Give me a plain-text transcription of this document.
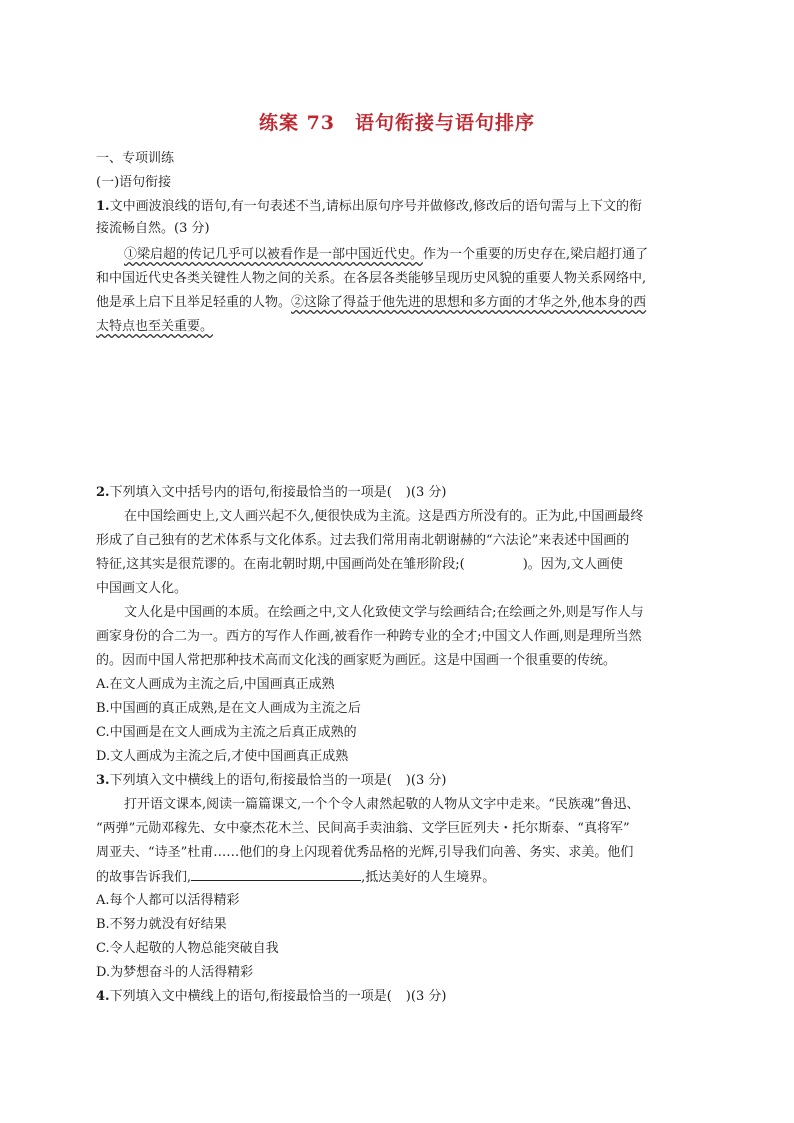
练案 73　语句衔接与语句排序
一、专项训练
(一)语句衔接
1.文中画波浪线的语句,有一句表述不当,请标出原句序号并做修改,修改后的语句需与上下文的衔
接流畅自然。(3 分)
①梁启超的传记几乎可以被看作是一部中国近代史。作为一个重要的历史存在,梁启超打通了
和中国近代史各类关键性人物之间的关系。在各层各类能够呈现历史风貌的重要人物关系网络中,
他是承上启下且举足轻重的人物。②这除了得益于他先进的思想和多方面的才华之外,他本身的西
太特点也至关重要。
2.下列填入文中括号内的语句,衔接最恰当的一项是( )(3 分)
在中国绘画史上,文人画兴起不久,便很快成为主流。这是西方所没有的。正为此,中国画最终
形成了自己独有的艺术体系与文化体系。过去我们常用南北朝谢赫的“六法论”来表述中国画的
特征,这其实是很荒谬的。在南北朝时期,中国画尚处在雏形阶段;(	)。因为,文人画使
中国画文人化。
文人化是中国画的本质。在绘画之中,文人化致使文学与绘画结合;在绘画之外,则是写作人与
画家身份的合二为一。西方的写作人作画,被看作一种跨专业的全才;中国文人作画,则是理所当然
的。因而中国人常把那种技术高而文化浅的画家贬为画匠。这是中国画一个很重要的传统。
A.在文人画成为主流之后,中国画真正成熟
B.中国画的真正成熟,是在文人画成为主流之后
C.中国画是在文人画成为主流之后真正成熟的
D.文人画成为主流之后,才使中国画真正成熟
3.下列填入文中横线上的语句,衔接最恰当的一项是( )(3 分)
打开语文课本,阅读一篇篇课文,一个个令人肃然起敬的人物从文字中走来。“民族魂”鲁迅、
“两弹”元勋邓稼先、女中豪杰花木兰、民间高手卖油翁、文学巨匠列夫・托尔斯泰、“真将军”
周亚夫、“诗圣”杜甫……他们的身上闪现着优秀品格的光辉,引导我们向善、务实、求美。他们
的故事告诉我们,	,抵达美好的人生境界。
A.每个人都可以活得精彩
B.不努力就没有好结果
C.令人起敬的人物总能突破自我
D.为梦想奋斗的人活得精彩
4.下列填入文中横线上的语句,衔接最恰当的一项是( )(3 分)
